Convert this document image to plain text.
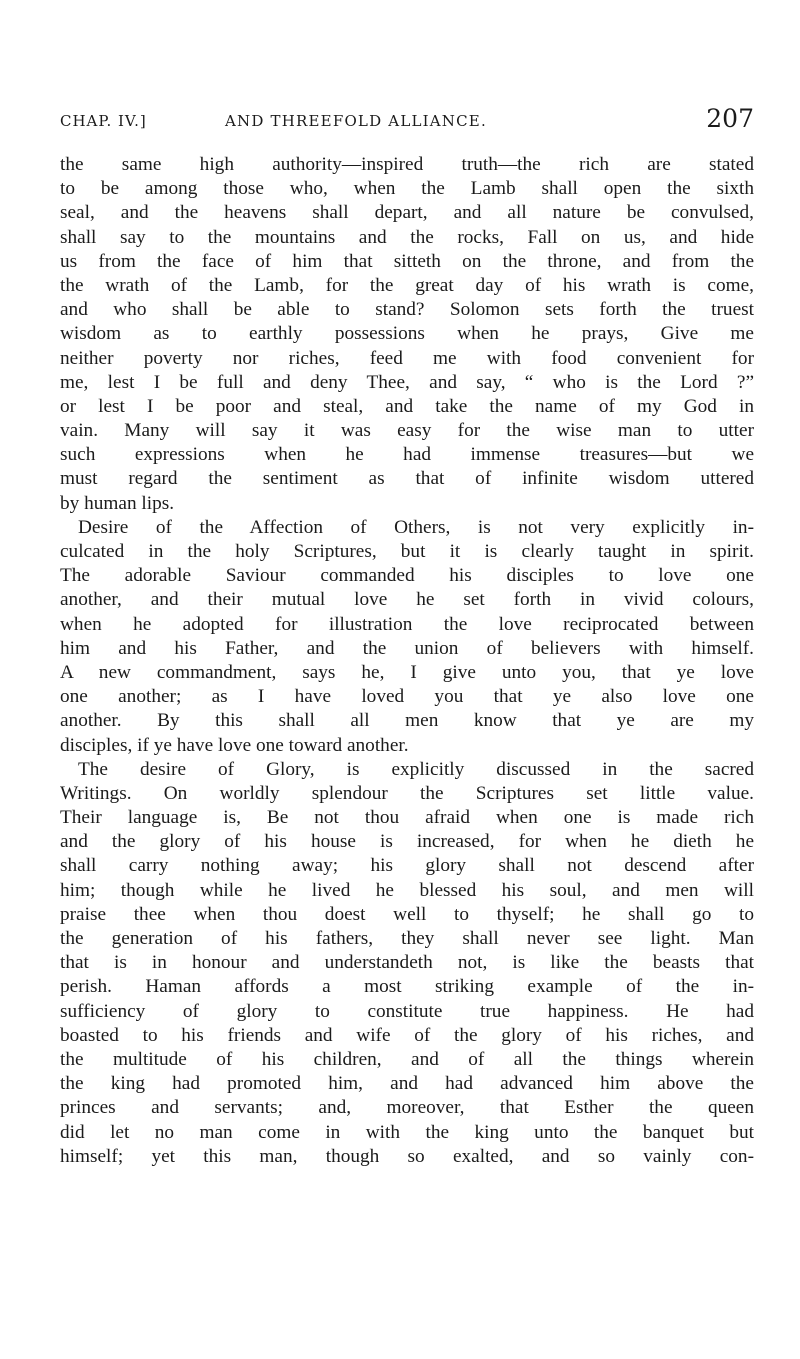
CHAP. IV.]	AND THREEFOLD ALLIANCE.	207
the same high authority—inspired truth—the rich are stated
to be among those who, when the Lamb shall open the sixth
seal, and the heavens shall depart, and all nature be convulsed,
shall say to the mountains and the rocks, Fall on us, and hide
us from the face of him that sitteth on the throne, and from the
the wrath of the Lamb, for the great day of his wrath is come,
and who shall be able to stand? Solomon sets forth the truest
wisdom as to earthly possessions when he prays, Give me
neither poverty nor riches, feed me with food convenient for
me, lest I be full and deny Thee, and say, “ who is the Lord ?”
or lest I be poor and steal, and take the name of my God in
vain. Many will say it was easy for the wise man to utter
such expressions when he had immense treasures—but we
must regard the sentiment as that of infinite wisdom uttered
by human lips.
Desire of the Affection of Others, is not very explicitly in-
culcated in the holy Scriptures, but it is clearly taught in spirit.
The adorable Saviour commanded his disciples to love one
another, and their mutual love he set forth in vivid colours,
when he adopted for illustration the love reciprocated between
him and his Father, and the union of believers with himself.
A new commandment, says he, I give unto you, that ye love
one another; as I have loved you that ye also love one
another. By this shall all men know that ye are my
disciples, if ye have love one toward another.
The desire of Glory, is explicitly discussed in the sacred
Writings. On worldly splendour the Scriptures set little value.
Their language is, Be not thou afraid when one is made rich
and the glory of his house is increased, for when he dieth he
shall carry nothing away; his glory shall not descend after
him; though while he lived he blessed his soul, and men will
praise thee when thou doest well to thyself; he shall go to
the generation of his fathers, they shall never see light. Man
that is in honour and understandeth not, is like the beasts that
perish. Haman affords a most striking example of the in-
sufficiency of glory to constitute true happiness. He had
boasted to his friends and wife of the glory of his riches, and
the multitude of his children, and of all the things wherein
the king had promoted him, and had advanced him above the
princes and servants; and, moreover, that Esther the queen
did let no man come in with the king unto the banquet but
himself; yet this man, though so exalted, and so vainly con-
